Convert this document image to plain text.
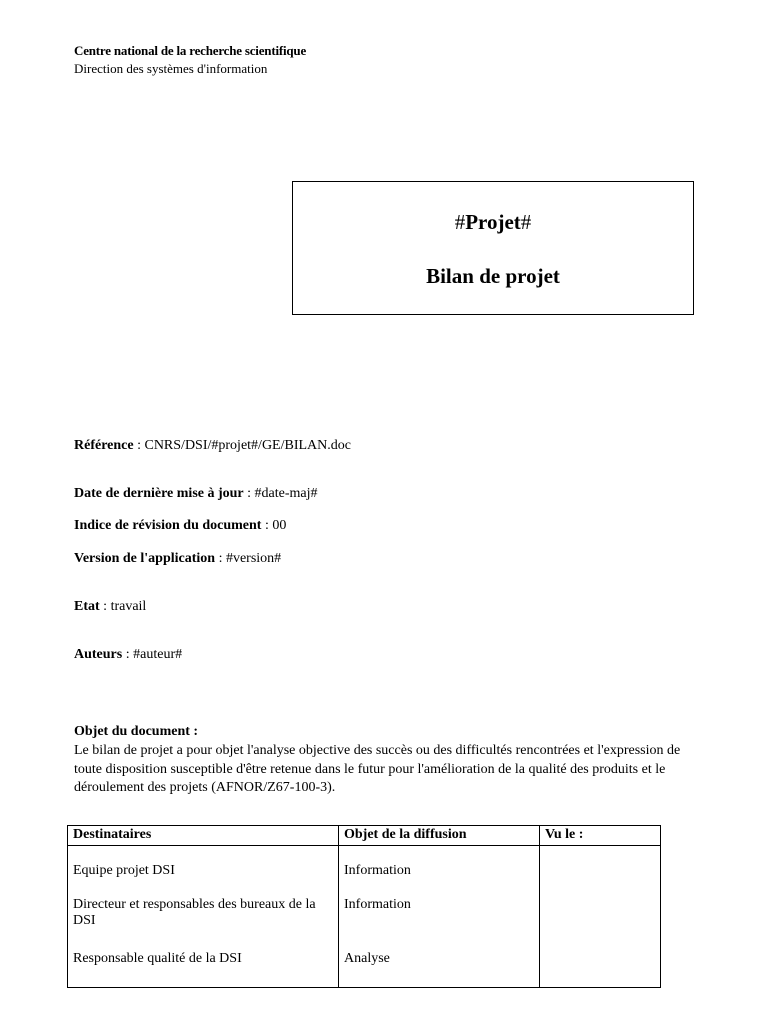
Centre national de la recherche scientifique
Direction des systèmes d'information
#Projet#
Bilan de projet
Référence : CNRS/DSI/#projet#/GE/BILAN.doc
Date de dernière mise à jour : #date-maj#
Indice de révision du document : 00
Version de l'application : #version#
Etat : travail
Auteurs : #auteur#
Objet du document :
Le bilan de projet a pour objet l'analyse objective des succès ou des difficultés rencontrées et l'expression de toute disposition susceptible d'être retenue dans le futur pour l'amélioration de la qualité des produits et le déroulement des projets (AFNOR/Z67-100-3).
Destinataires	Objet de la diffusion	Vu le :

Equipe projet DSI	Information	

Directeur et responsables des bureaux de la DSI	Information	

Responsable qualité de la DSI	Analyse	
